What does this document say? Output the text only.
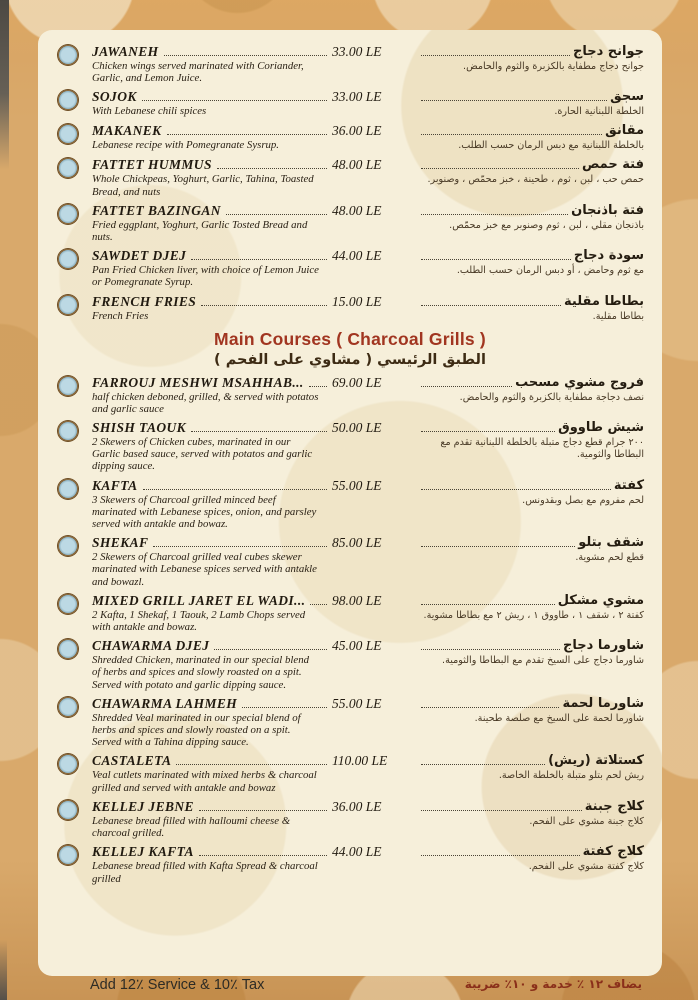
JAWANEH
Chicken wings served marinated with Coriander, Garlic, and Lemon Juice.
33.00 LE	جوانح دجاج
جوانح دجاج مطفاية بالكزبرة والثوم والحامض.
SOJOK
With Lebanese chili spices
33.00 LE	سجق
الخلطة اللبنانية الحارة.
MAKANEK
Lebanese recipe with Pomegranate Sysrup.
36.00 LE	مقانق
بالخلطة اللبنانية مع دبس الرمان حسب الطلب.
FATTET HUMMUS
Whole Chickpeas, Yoghurt, Garlic, Tahina, Toasted Bread, and nuts
48.00 LE	فتة حمص
حمص حب ، لبن ، ثوم ، طحينة ، خبز محمّص ، وصنوبر.
FATTET BAZINGAN
Fried eggplant, Yoghurt, Garlic Tosted Bread and nuts.
48.00 LE	فتة باذنجان
باذنجان مقلي ، لبن ، ثوم وصنوبر مع خبز محمّص.
SAWDET DJEJ
Pan Fried Chicken liver, with choice of Lemon Juice or Pomegranate Syrup.
44.00 LE	سودة دجاج
مع ثوم وحامض ، أو دبس الرمان حسب الطلب.
FRENCH FRIES
French Fries
15.00 LE	بطاطا مقلية
بطاطا مقلية.
Main Courses ( Charcoal Grills )
الطبق الرئيسي ( مشاوي على الفحم )
FARROUJ MESHWI MSAHHAB...
half chicken deboned, grilled, & served with potatos and garlic sauce
69.00 LE	فروج مشوي مسحب
نصف دجاجة مطفاية بالكزبرة والثوم والحامض.
SHISH TAOUK
2 Skewers of Chicken cubes, marinated in our Garlic based sauce, served with potatos and garlic dipping sauce.
50.00 LE	شيش طاووق
٢٠٠ جرام قطع دجاج متبلة بالخلطة اللبنانية تقدم مع البطاطا والثومية.
KAFTA
3 Skewers of Charcoal grilled minced beef marinated with Lebanese spices, onion, and parsley served with antakle and bowaz.
55.00 LE	كفتة
لحم مفروم مع بصل وبقدونس.
SHEKAF
2 Skewers of Charcoal grilled veal cubes skewer marinated with Lebanese spices served with antakle and bowazl.
85.00 LE	شقف بتلو
قطع لحم مشوية.
MIXED GRILL JARET EL WADI...
2 Kafta, 1 Shekaf, 1 Taouk, 2 Lamb Chops served with antakle and bowaz.
98.00 LE	مشوي مشكل
كفتة ٢ ، شقف ١ ، طاووق ١ ، ريش ٢ مع بطاطا مشوية.
CHAWARMA DJEJ
Shredded Chicken, marinated in our special blend of herbs and spices and slowly roasted on a spit. Served with potato and garlic dipping sauce.
45.00 LE	شاورما دجاج
شاورما دجاج على السيخ تقدم مع البطاطا والثومية.
CHAWARMA LAHMEH
Shredded Veal marinated in our special blend of herbs and spices and slowly roasted on a spit. Served with a Tahina dipping sauce.
55.00 LE	شاورما لحمة
شاورما لحمة على السيخ مع صلصة طحينة.
CASTALETA
Veal cutlets marinated with mixed herbs & charcoal grilled and served with antakle and bowaz
110.00 LE	كستلاتة (ريش)
ريش لحم بتلو متبلة بالخلطة الخاصة.
KELLEJ JEBNE
Lebanese bread filled with halloumi cheese & charcoal grilled.
36.00 LE	كلاج جبنة
كلاج جبنة مشوي على الفحم.
KELLEJ KAFTA
Lebanese bread filled with Kafta Spread & charcoal grilled
44.00 LE	كلاج كفتة
كلاج كفتة مشوي على الفحم.
Add 12٪ Service & 10٪ Tax	يضاف ١٢ ٪ خدمة و ١٠٪ ضريبة
